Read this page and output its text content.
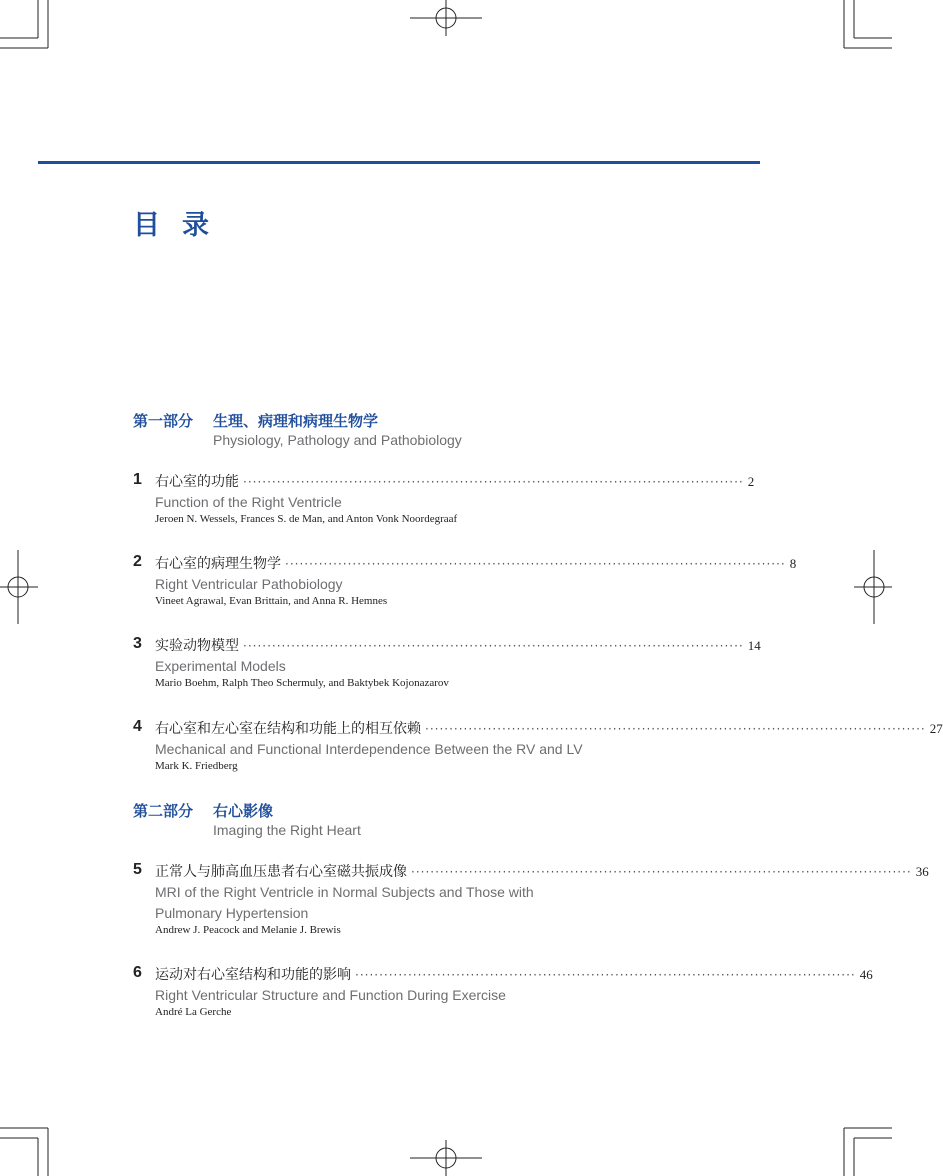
目录
第一部分 生理、病理和病理生物学
Physiology, Pathology and Pathobiology
1 右心室的功能 ········································································································ 2
Function of the Right Ventricle
Jeroen N. Wessels, Frances S. de Man, and Anton Vonk Noordegraaf
2 右心室的病理生物学 ········································································································ 8
Right Ventricular Pathobiology
Vineet Agrawal, Evan Brittain, and Anna R. Hemnes
3 实验动物模型 ········································································································ 14
Experimental Models
Mario Boehm, Ralph Theo Schermuly, and Baktybek Kojonazarov
4 右心室和左心室在结构和功能上的相互依赖 ········································································································ 27
Mechanical and Functional Interdependence Between the RV and LV
Mark K. Friedberg
第二部分 右心影像
Imaging the Right Heart
5 正常人与肺高血压患者右心室磁共振成像 ········································································································ 36
MRI of the Right Ventricle in Normal Subjects and Those with Pulmonary Hypertension
Andrew J. Peacock and Melanie J. Brewis
6 运动对右心室结构和功能的影响 ········································································································ 46
Right Ventricular Structure and Function During Exercise
André La Gerche
